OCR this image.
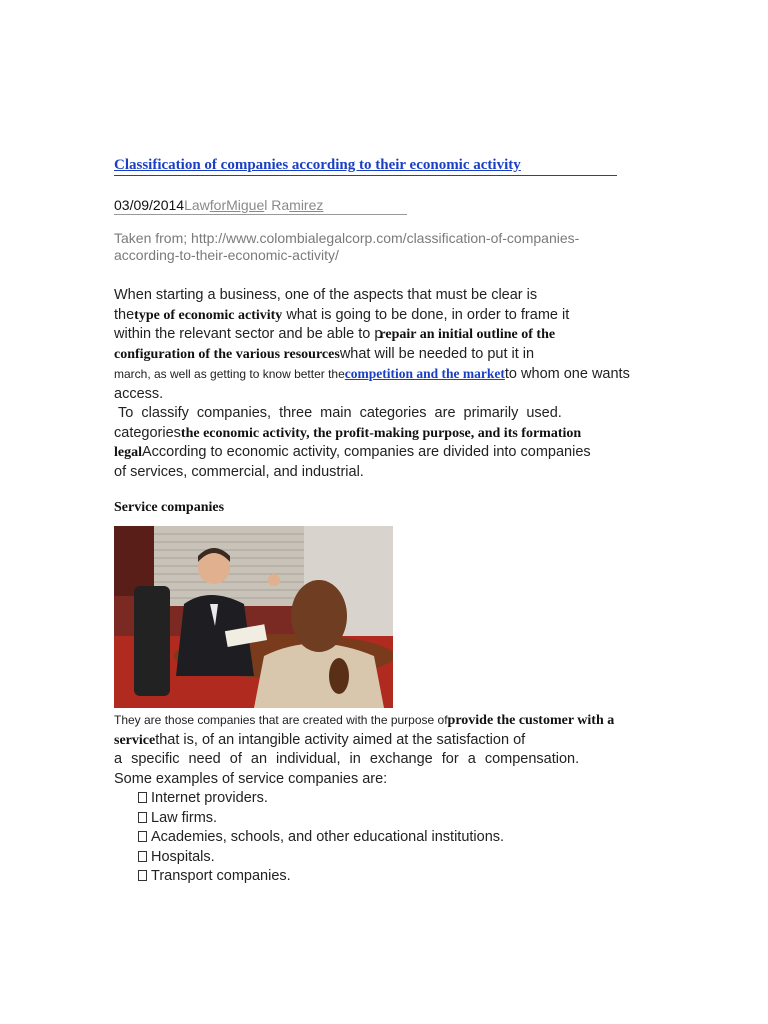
Classification of companies according to their economic activity
03/09/2014LawforMiguel Ramirez
Taken from; http://www.colombialegalcorp.com/classification-of-companies-
according-to-their-economic-activity/
When starting a business, one of the aspects that must be clear is
thetype of economic activity what is going to be done, in order to frame it
within the relevant sector and be able to prepair an initial outline of the
configuration of the various resourceswhat will be needed to put it in
march, as well as getting to know better thecompetition and the marketto whom one wants
access.
To classify companies, three main categories are primarily used.
categoriesthe economic activity, the profit-making purpose, and its formation
legalAccording to economic activity, companies are divided into companies
of services, commercial, and industrial.
Service companies
They are those companies that are created with the purpose ofprovide the customer with a
servicethat is, of an intangible activity aimed at the satisfaction of
a specific need of an individual, in exchange for a compensation.
Some examples of service companies are:
Internet providers.
Law firms.
Academies, schools, and other educational institutions.
Hospitals.
Transport companies.
